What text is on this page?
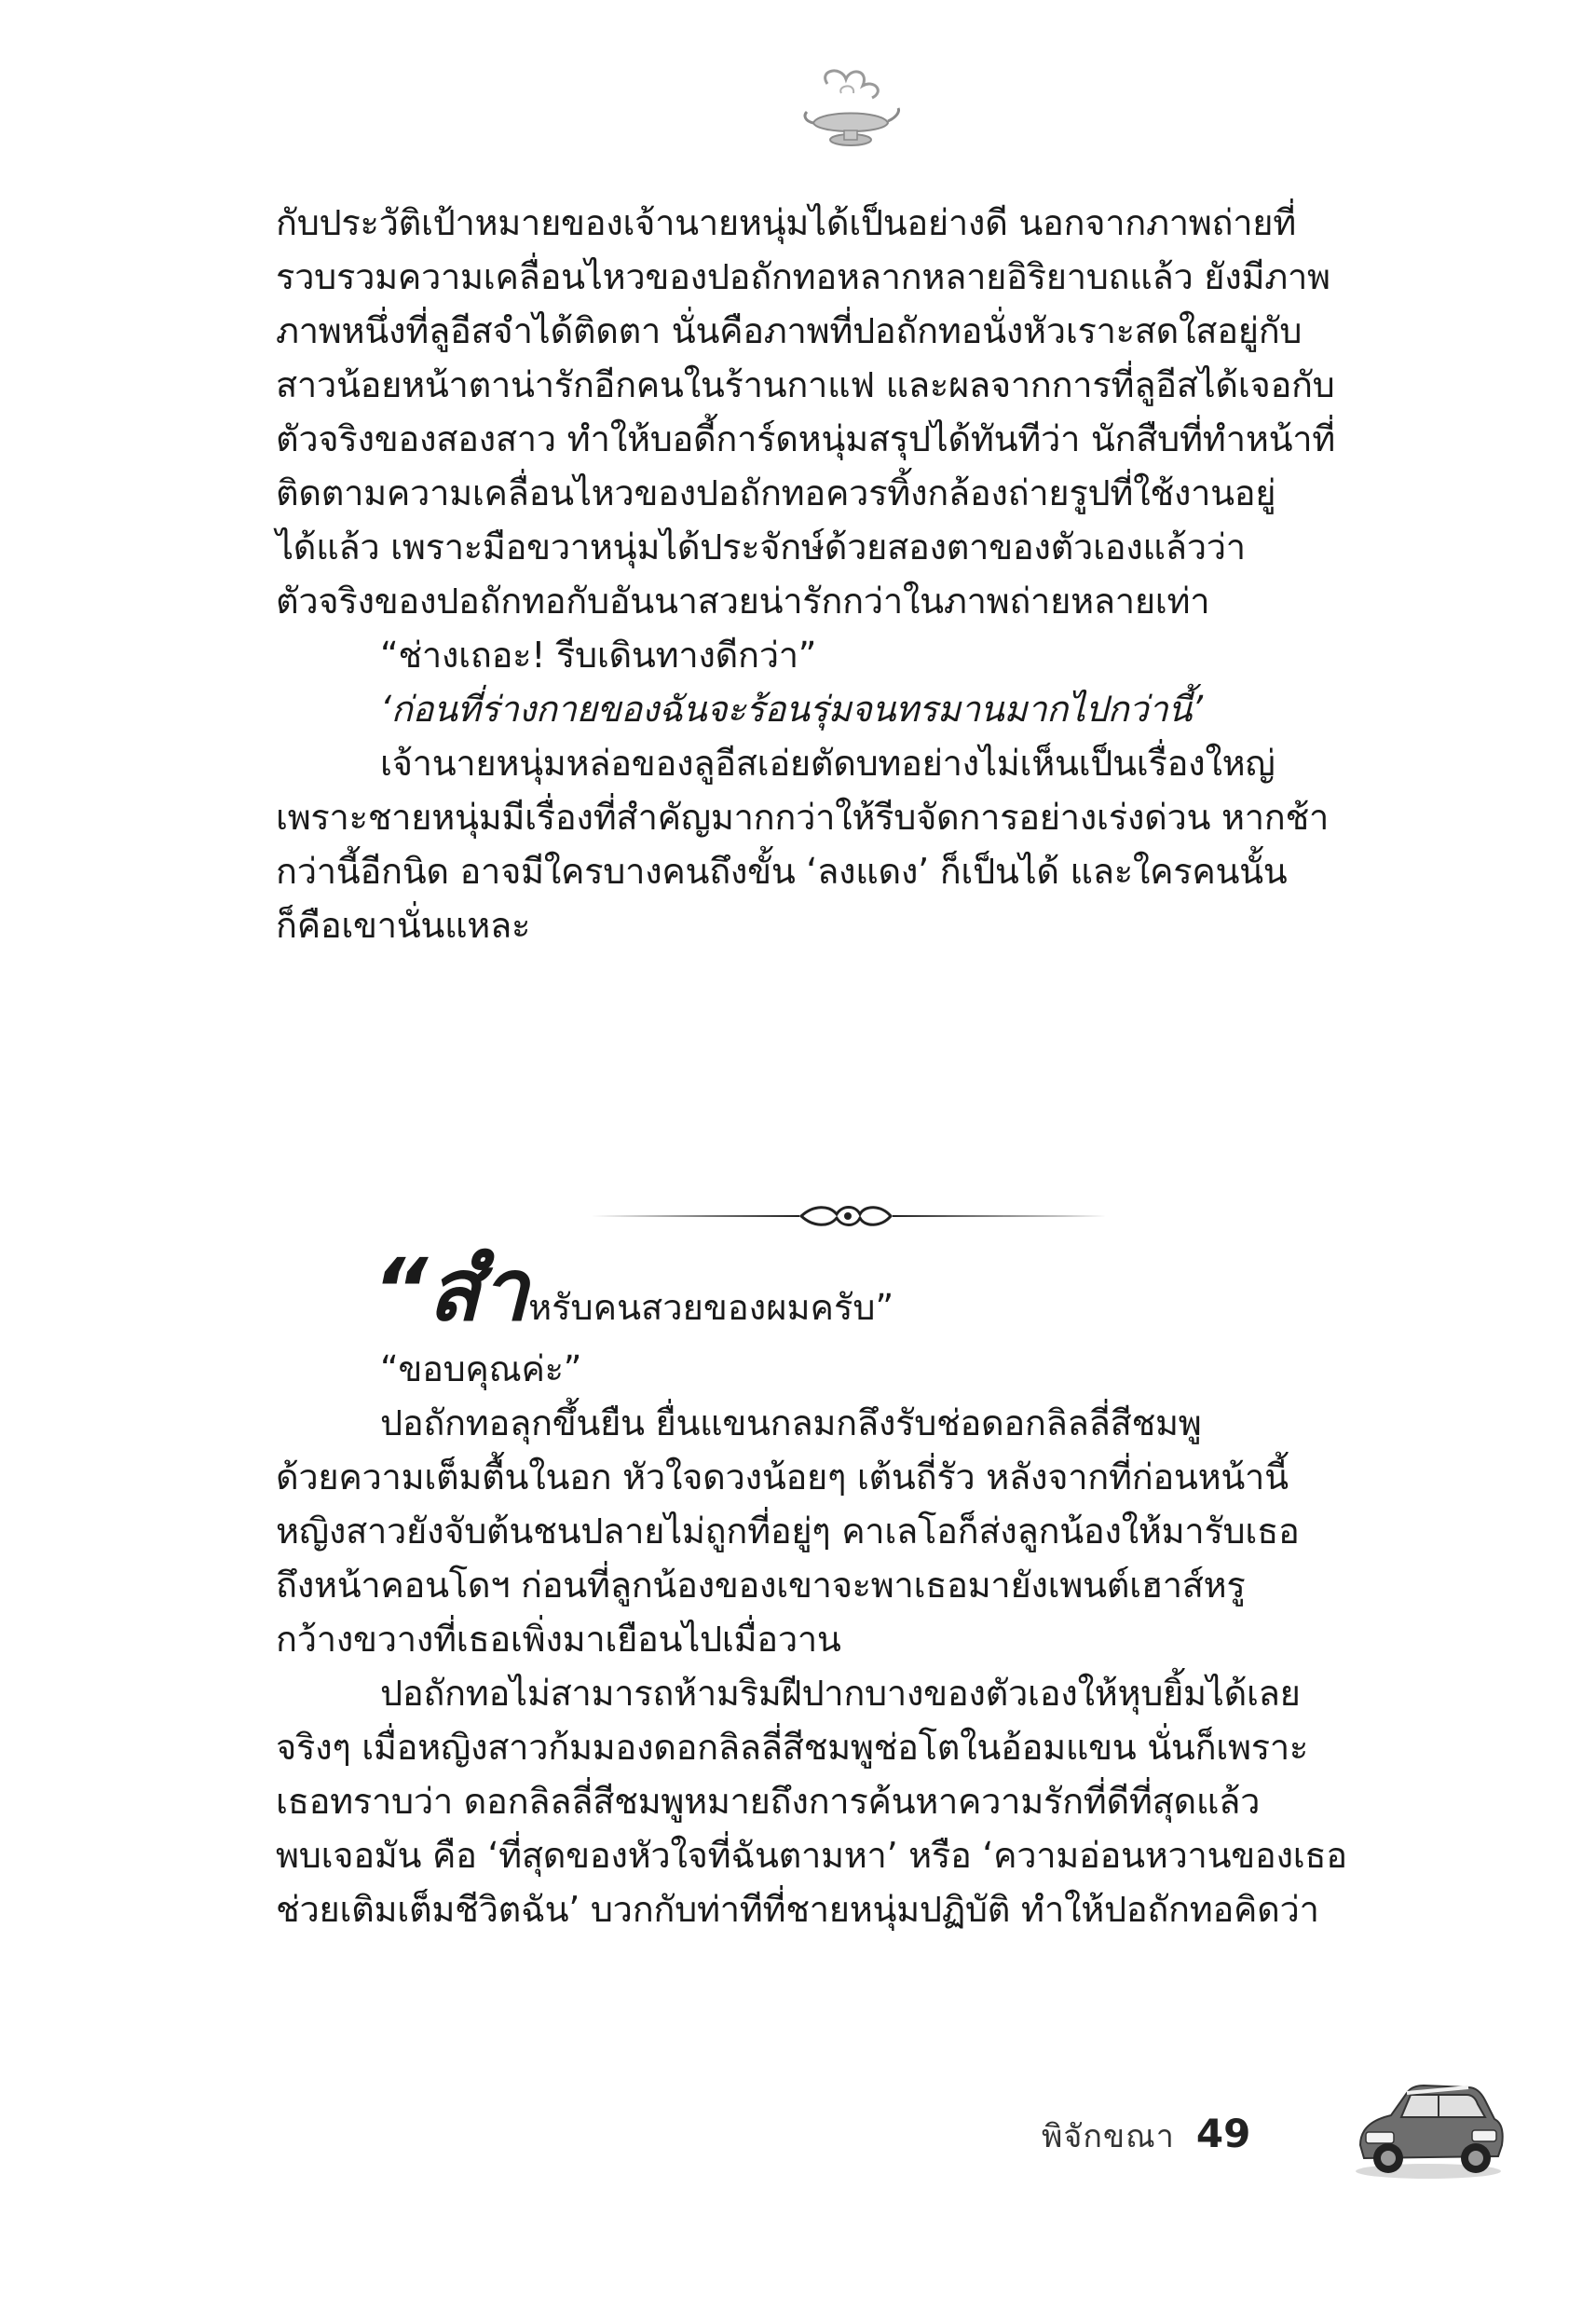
กับประวัติเป้าหมายของเจ้านายหนุ่มได้เป็นอย่างดี นอกจากภาพถ่ายที่
รวบรวมความเคลื่อนไหวของปอถักทอหลากหลายอิริยาบถแล้ว ยังมีภาพ
ภาพหนึ่งที่ลูอีสจำได้ติดตา นั่นคือภาพที่ปอถักทอนั่งหัวเราะสดใสอยู่กับ
สาวน้อยหน้าตาน่ารักอีกคนในร้านกาแฟ และผลจากการที่ลูอีสได้เจอกับ
ตัวจริงของสองสาว ทำให้บอดี้การ์ดหนุ่มสรุปได้ทันทีว่า นักสืบที่ทำหน้าที่
ติดตามความเคลื่อนไหวของปอถักทอควรทิ้งกล้องถ่ายรูปที่ใช้งานอยู่
ได้แล้ว เพราะมือขวาหนุ่มได้ประจักษ์ด้วยสองตาของตัวเองแล้วว่า
ตัวจริงของปอถักทอกับอันนาสวยน่ารักกว่าในภาพถ่ายหลายเท่า
“ช่างเถอะ! รีบเดินทางดีกว่า”
‘ก่อนที่ร่างกายของฉันจะร้อนรุ่มจนทรมานมากไปกว่านี้’
เจ้านายหนุ่มหล่อของลูอีสเอ่ยตัดบทอย่างไม่เห็นเป็นเรื่องใหญ่
เพราะชายหนุ่มมีเรื่องที่สำคัญมากกว่าให้รีบจัดการอย่างเร่งด่วน หากช้า
กว่านี้อีกนิด อาจมีใครบางคนถึงขั้น ‘ลงแดง’ ก็เป็นได้ และใครคนนั้น
ก็คือเขานั่นแหละ
“สำหรับคนสวยของผมครับ”
“ขอบคุณค่ะ”
ปอถักทอลุกขึ้นยืน ยื่นแขนกลมกลึงรับช่อดอกลิลลี่สีชมพู
ด้วยความเต็มตื้นในอก หัวใจดวงน้อยๆ เต้นถี่รัว หลังจากที่ก่อนหน้านี้
หญิงสาวยังจับต้นชนปลายไม่ถูกที่อยู่ๆ คาเลโอก็ส่งลูกน้องให้มารับเธอ
ถึงหน้าคอนโดฯ ก่อนที่ลูกน้องของเขาจะพาเธอมายังเพนต์เฮาส์หรู
กว้างขวางที่เธอเพิ่งมาเยือนไปเมื่อวาน
ปอถักทอไม่สามารถห้ามริมฝีปากบางของตัวเองให้หุบยิ้มได้เลย
จริงๆ เมื่อหญิงสาวก้มมองดอกลิลลี่สีชมพูช่อโตในอ้อมแขน นั่นก็เพราะ
เธอทราบว่า ดอกลิลลี่สีชมพูหมายถึงการค้นหาความรักที่ดีที่สุดแล้ว
พบเจอมัน คือ ‘ที่สุดของหัวใจที่ฉันตามหา’ หรือ ‘ความอ่อนหวานของเธอ
ช่วยเติมเต็มชีวิตฉัน’ บวกกับท่าทีที่ชายหนุ่มปฏิบัติ ทำให้ปอถักทอคิดว่า
พิจักขณา 49
